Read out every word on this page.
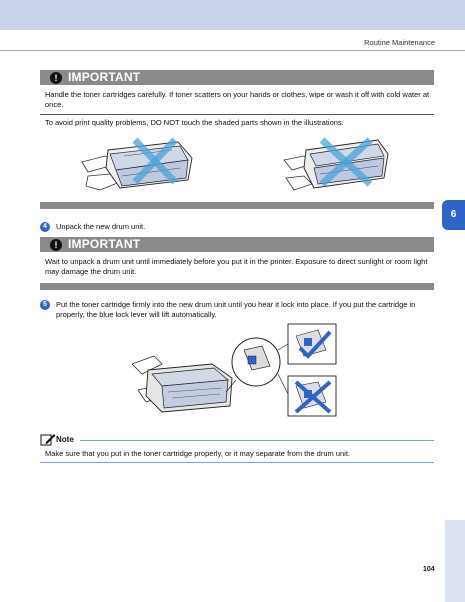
Routine Maintenance
! IMPORTANT
Handle the toner cartridges carefully. If toner scatters on your hands or clothes, wipe or wash it off with cold water at once.
To avoid print quality problems, DO NOT touch the shaded parts shown in the illustrations.
6
4	Unpack the new drum unit.
! IMPORTANT
Wait to unpack a drum unit until immediately before you put it in the printer. Exposure to direct sunlight or room light may damage the drum unit.
5	Put the toner cartridge firmly into the new drum unit until you hear it lock into place. If you put the cartridge in properly, the blue lock lever will lift automatically.
Note
Make sure that you put in the toner cartridge properly, or it may separate from the drum unit.
104
